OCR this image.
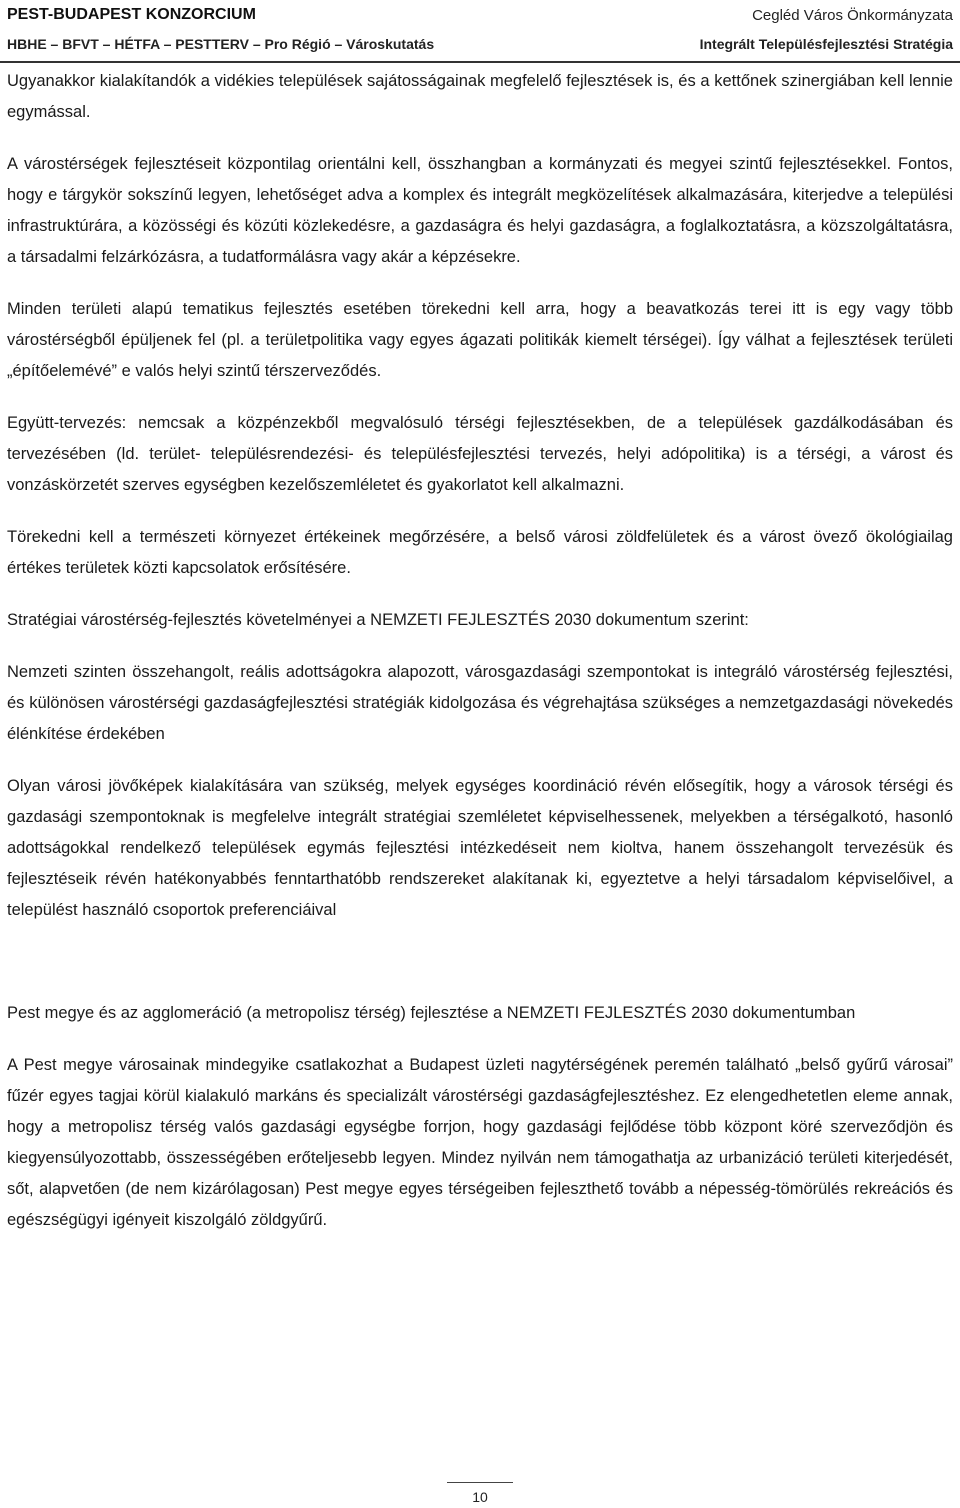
PEST-BUDAPEST KONZORCIUM	Cegléd Város Önkormányzata
HBHE – BFVT – HÉTFA – PESTTERV – Pro Régió – Városkutatás	Integrált Településfejlesztési Stratégia

Ugyanakkor kialakítandók a vidékies települések sajátosságainak megfelelő fejlesztések is, és a kettőnek szinergiában kell lennie egymással.

A várostérségek fejlesztéseit központilag orientálni kell, összhangban a kormányzati és megyei szintű fejlesztésekkel. Fontos, hogy e tárgykör sokszínű legyen, lehetőséget adva a komplex és integrált megközelítések alkalmazására, kiterjedve a települési infrastruktúrára, a közösségi és közúti közlekedésre, a gazdaságra és helyi gazdaságra, a foglalkoztatásra, a közszolgáltatásra, a társadalmi felzárkózásra, a tudatformálásra vagy akár a képzésekre.

Minden területi alapú tematikus fejlesztés esetében törekedni kell arra, hogy a beavatkozás terei itt is egy vagy több várostérségből épüljenek fel (pl. a területpolitika vagy egyes ágazati politikák kiemelt térségei). Így válhat a fejlesztések területi „építőelemévé” e valós helyi szintű térszerveződés.

Együtt-tervezés: nemcsak a közpénzekből megvalósuló térségi fejlesztésekben, de a települések gazdálkodásában és tervezésében (ld. terület- településrendezési- és településfejlesztési tervezés, helyi adópolitika) is a térségi, a várost és vonzáskörzetét szerves egységben kezelőszemléletet és gyakorlatot kell alkalmazni.

Törekedni kell a természeti környezet értékeinek megőrzésére, a belső városi zöldfelületek és a várost övező ökológiailag értékes területek közti kapcsolatok erősítésére.

Stratégiai várostérség-fejlesztés követelményei a NEMZETI FEJLESZTÉS 2030 dokumentum szerint:

Nemzeti szinten összehangolt, reális adottságokra alapozott, városgazdasági szempontokat is integráló várostérség fejlesztési, és különösen várostérségi gazdaságfejlesztési stratégiák kidolgozása és végrehajtása szükséges a nemzetgazdasági növekedés élénkítése érdekében

Olyan városi jövőképek kialakítására van szükség, melyek egységes koordináció révén elősegítik, hogy a városok térségi és gazdasági szempontoknak is megfelelve integrált stratégiai szemléletet képviselhessenek, melyekben a térségalkotó, hasonló adottságokkal rendelkező települések egymás fejlesztési intézkedéseit nem kioltva, hanem összehangolt tervezésük és fejlesztéseik révén hatékonyabbés fenntarthatóbb rendszereket alakítanak ki, egyeztetve a helyi társadalom képviselőivel, a települést használó csoportok preferenciáival

Pest megye és az agglomeráció (a metropolisz térség) fejlesztése a NEMZETI FEJLESZTÉS 2030 dokumentumban

A Pest megye városainak mindegyike csatlakozhat a Budapest üzleti nagytérségének peremén található „belső gyűrű városai” fűzér egyes tagjai körül kialakuló markáns és specializált várostérségi gazdaságfejlesztéshez. Ez elengedhetetlen eleme annak, hogy a metropolisz térség valós gazdasági egységbe forrjon, hogy gazdasági fejlődése több központ köré szerveződjön és kiegyensúlyozottabb, összességében erőteljesebb legyen. Mindez nyilván nem támogathatja az urbanizáció területi kiterjedését, sőt, alapvetően (de nem kizárólagosan) Pest megye egyes térségeiben fejleszthető tovább a népesség-tömörülés rekreációs és egészségügyi igényeit kiszolgáló zöldgyűrű.

10
